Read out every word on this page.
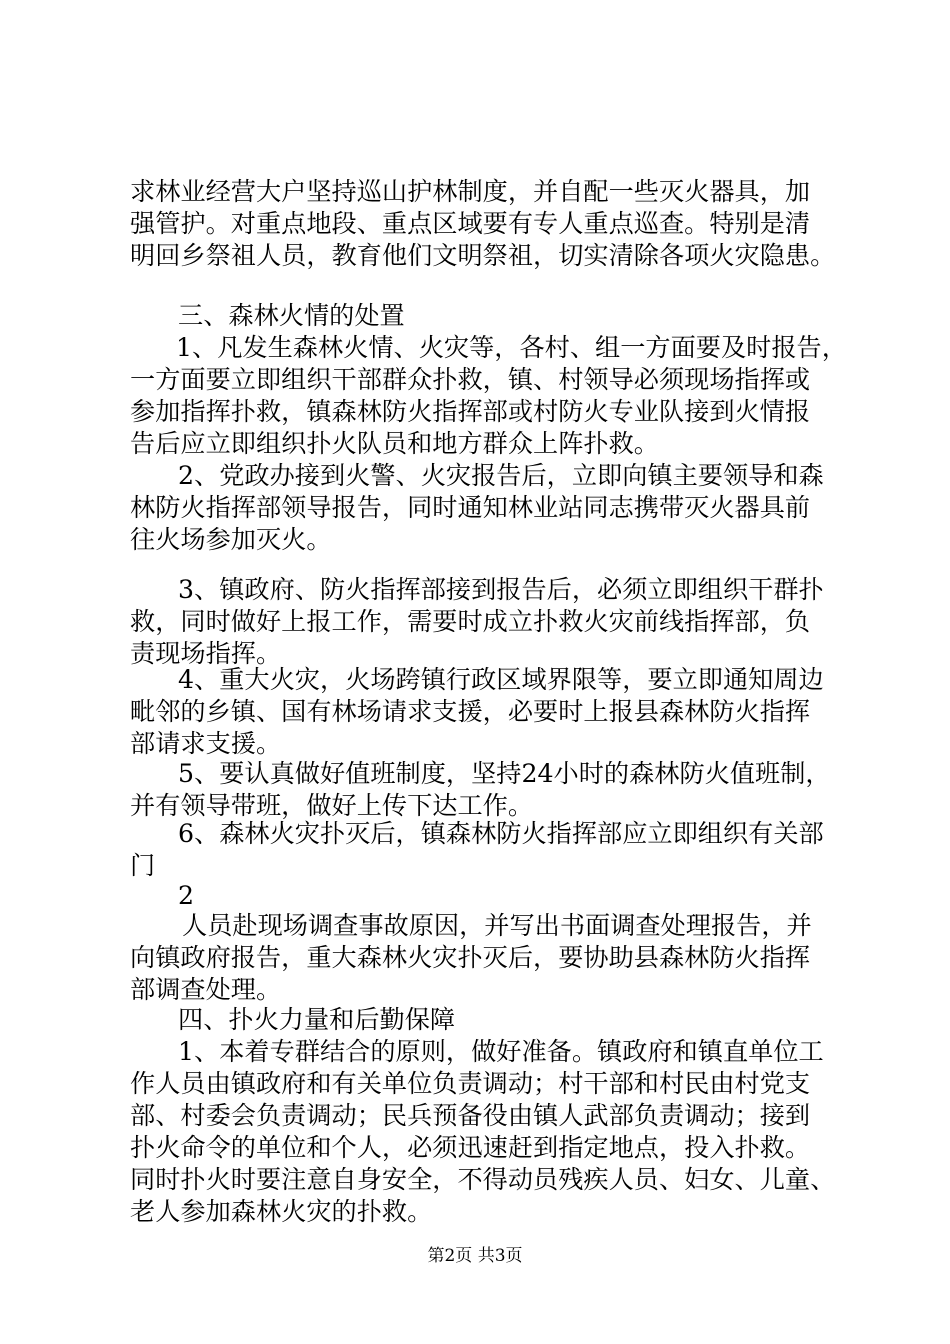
求林业经营大户坚持巡山护林制度，并自配一些灭火器具，加
强管护。对重点地段、重点区域要有专人重点巡查。特别是清
明回乡祭祖人员，教育他们文明祭祖，切实清除各项火灾隐患。
三、森林火情的处置
1、凡发生森林火情、火灾等，各村、组一方面要及时报告，
一方面要立即组织干部群众扑救，镇、村领导必须现场指挥或
参加指挥扑救，镇森林防火指挥部或村防火专业队接到火情报
告后应立即组织扑火队员和地方群众上阵扑救。
2、党政办接到火警、火灾报告后，立即向镇主要领导和森
林防火指挥部领导报告，同时通知林业站同志携带灭火器具前
往火场参加灭火。
3、镇政府、防火指挥部接到报告后，必须立即组织干群扑
救，同时做好上报工作，需要时成立扑救火灾前线指挥部，负
责现场指挥。
4、重大火灾，火场跨镇行政区域界限等，要立即通知周边
毗邻的乡镇、国有林场请求支援，必要时上报县森林防火指挥
部请求支援。
5、要认真做好值班制度，坚持24小时的森林防火值班制，
并有领导带班，做好上传下达工作。
6、森林火灾扑灭后，镇森林防火指挥部应立即组织有关部
门
2
人员赴现场调查事故原因，并写出书面调查处理报告，并
向镇政府报告，重大森林火灾扑灭后，要协助县森林防火指挥
部调查处理。
四、扑火力量和后勤保障
1、本着专群结合的原则，做好准备。镇政府和镇直单位工
作人员由镇政府和有关单位负责调动；村干部和村民由村党支
部、村委会负责调动；民兵预备役由镇人武部负责调动；接到
扑火命令的单位和个人，必须迅速赶到指定地点，投入扑救。
同时扑火时要注意自身安全，不得动员残疾人员、妇女、儿童、
老人参加森林火灾的扑救。
第2页 共3页
